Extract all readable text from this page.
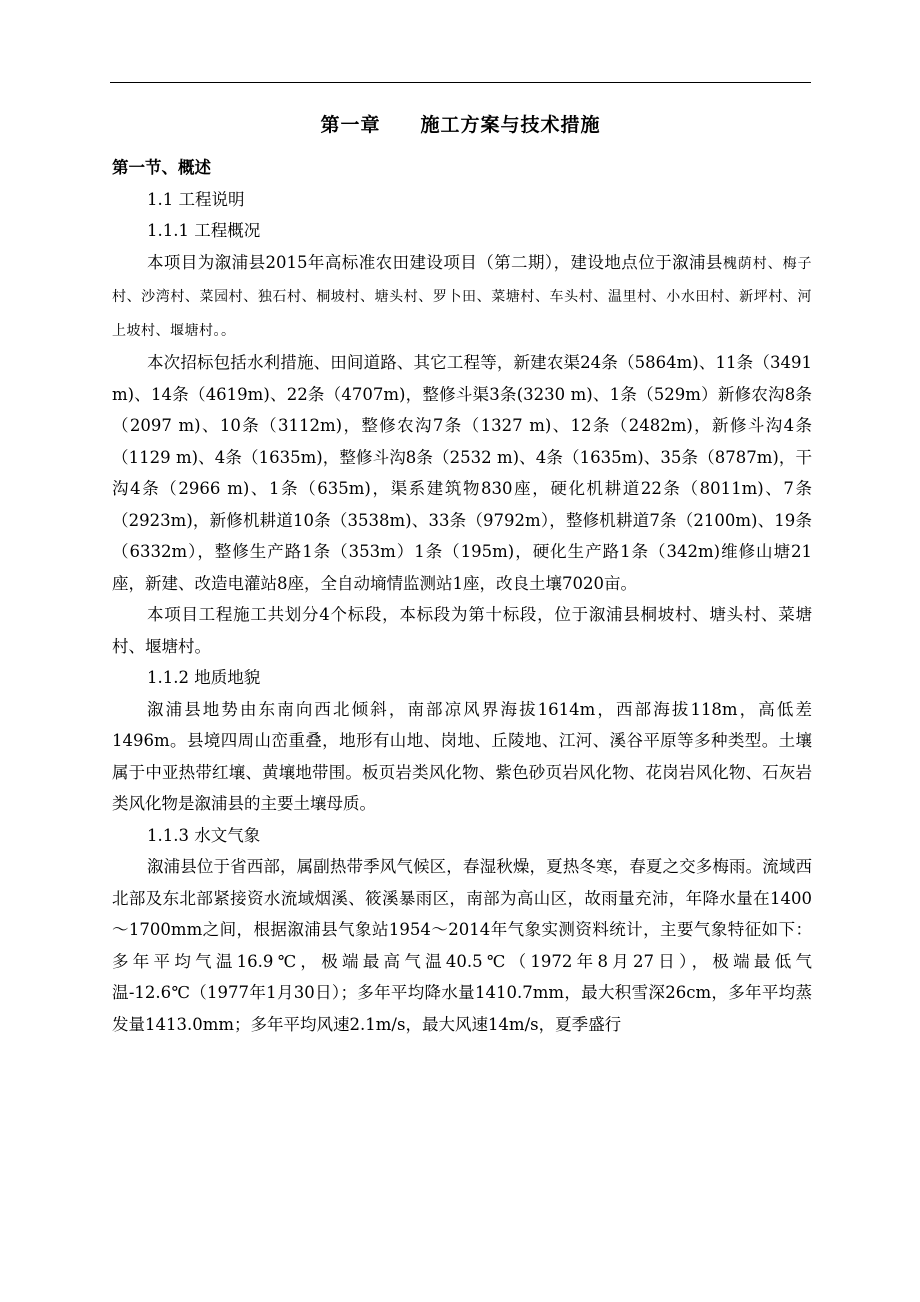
第一章　　施工方案与技术措施
第一节、概述
1.1 工程说明
1.1.1 工程概况

本项目为溆浦县2015年高标准农田建设项目（第二期），建设地点位于溆浦县槐荫村、梅子村、沙湾村、菜园村、独石村、桐坡村、塘头村、罗卜田、菜塘村、车头村、温里村、小水田村、新坪村、河上坡村、堰塘村。。

本次招标包括水利措施、田间道路、其它工程等，新建农渠24条（5864m)、11条（3491 m)、14条（4619m)、22条（4707m)，整修斗渠3条(3230 m)、1条（529m）新修农沟8条（2097 m)、10条（3112m)，整修农沟7条（1327 m)、12条（2482m)，新修斗沟4条（1129 m)、4条（1635m)，整修斗沟8条（2532 m)、4条（1635m)、35条（8787m)，干沟4条（2966 m)、1条（635m)，渠系建筑物830座，硬化机耕道22条（8011m)、7条（2923m)，新修机耕道10条（3538m)、33条（9792m），整修机耕道7条（2100m)、19条（6332m），整修生产路1条（353m）1条（195m)，硬化生产路1条（342m)维修山塘21座，新建、改造电灌站8座，全自动墒情监测站1座，改良土壤7020亩。

本项目工程施工共划分4个标段，本标段为第十标段，位于溆浦县桐坡村、塘头村、菜塘村、堰塘村。

1.1.2 地质地貌

溆浦县地势由东南向西北倾斜，南部凉风界海拔1614m，西部海拔118m，高低差1496m。县境四周山峦重叠，地形有山地、岗地、丘陵地、江河、溪谷平原等多种类型。土壤属于中亚热带红壤、黄壤地带围。板页岩类风化物、紫色砂页岩风化物、花岗岩风化物、石灰岩类风化物是溆浦县的主要土壤母质。

1.1.3 水文气象

溆浦县位于省西部，属副热带季风气候区，春湿秋燥，夏热冬寒，春夏之交多梅雨。流域西北部及东北部紧接资水流域烟溪、筱溪暴雨区，南部为高山区，故雨量充沛，年降水量在1400～1700mm之间，根据溆浦县气象站1954～2014年气象实测资料统计，主要气象特征如下：多年平均气温16.9℃，极端最高气温40.5℃（1972年8月27日），极端最低气温-12.6℃（1977年1月30日）；多年平均降水量1410.7mm，最大积雪深26cm，多年平均蒸发量1413.0mm；多年平均风速2.1m/s，最大风速14m/s，夏季盛行
